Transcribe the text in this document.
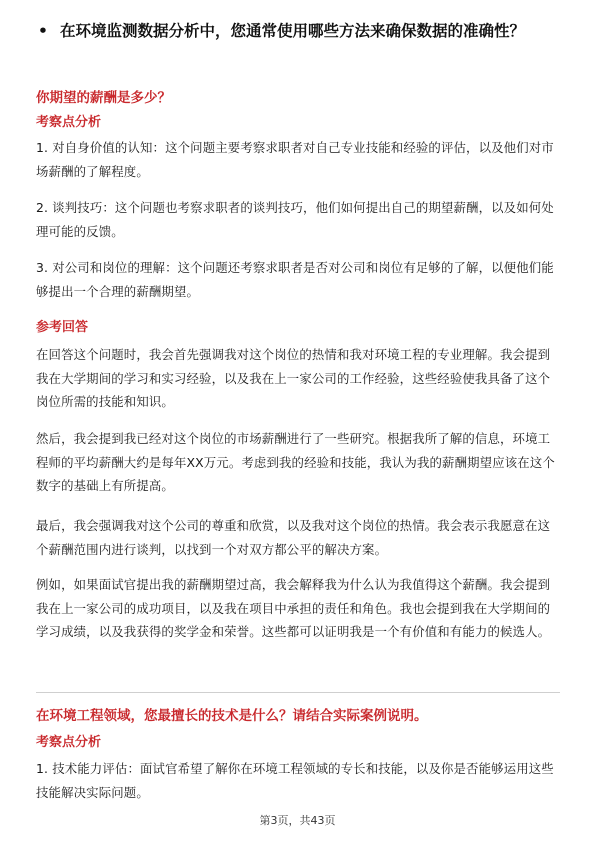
• 在环境监测数据分析中，您通常使用哪些方法来确保数据的准确性？
你期望的薪酬是多少？
考察点分析
1. 对自身价值的认知：这个问题主要考察求职者对自己专业技能和经验的评估，以及他们对市场薪酬的了解程度。
2. 谈判技巧：这个问题也考察求职者的谈判技巧，他们如何提出自己的期望薪酬，以及如何处理可能的反馈。
3. 对公司和岗位的理解：这个问题还考察求职者是否对公司和岗位有足够的了解，以便他们能够提出一个合理的薪酬期望。
参考回答
在回答这个问题时，我会首先强调我对这个岗位的热情和我对环境工程的专业理解。我会提到我在大学期间的学习和实习经验，以及我在上一家公司的工作经验，这些经验使我具备了这个岗位所需的技能和知识。
然后，我会提到我已经对这个岗位的市场薪酬进行了一些研究。根据我所了解的信息，环境工程师的平均薪酬大约是每年XX万元。考虑到我的经验和技能，我认为我的薪酬期望应该在这个数字的基础上有所提高。
最后，我会强调我对这个公司的尊重和欣赏，以及我对这个岗位的热情。我会表示我愿意在这个薪酬范围内进行谈判，以找到一个对双方都公平的解决方案。
例如，如果面试官提出我的薪酬期望过高，我会解释我为什么认为我值得这个薪酬。我会提到我在上一家公司的成功项目，以及我在项目中承担的责任和角色。我也会提到我在大学期间的学习成绩，以及我获得的奖学金和荣誉。这些都可以证明我是一个有价值和有能力的候选人。
在环境工程领域，您最擅长的技术是什么？请结合实际案例说明。
考察点分析
1. 技术能力评估：面试官希望了解你在环境工程领域的专长和技能，以及你是否能够运用这些技能解决实际问题。
第3页，共43页
